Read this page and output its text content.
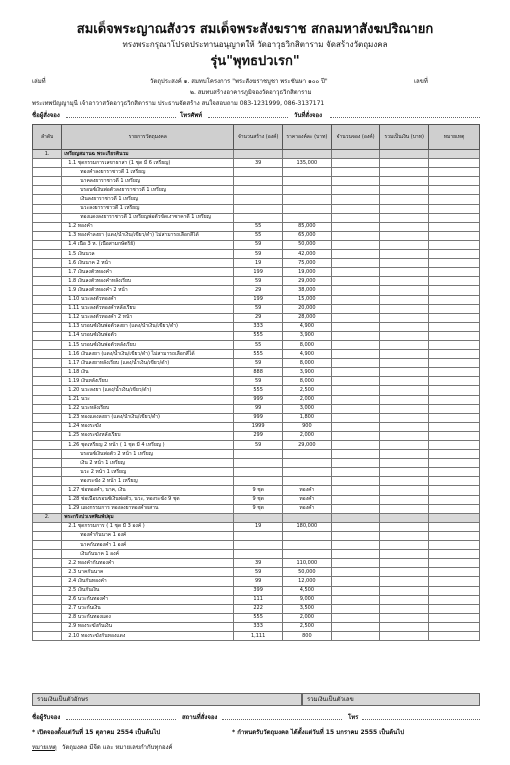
สมเด็จพระญาณสังวร สมเด็จพระสังฆราช สกลมหาสังฆปริณายก
ทรงพระกรุณาโปรดประทานอนุญาตให้ วัดอาวุธวิกสิตาราม จัดสร้างวัตถุมงคล
รุ่น"พุทธปวเรก"
เล่มที่	วัตถุประสงค์ ๑. สมทบโครงการ "พระสังฆราชบูชา พระชันษา ๑๐๐ ปี"	เลขที่
๒. สมทบสร้างอาคารภูมิจองวัดอาวุธวิกสิตาราม
พระเทพปัญญามุนี เจ้าอาวาสวัดอาวุธวิกสิตาราม ประธานจัดสร้าง สนใจสอบถาม 083-1231999, 086-3137171
ชื่อผู้สั่งจอง	โทรศัพท์	วันที่สั่งจอง
ลำดับ	รายการวัตถุมงคล	จำนวนสร้าง (องค์)	ราคาองค์ละ (บาท)	จำนวนจอง (องค์)	รวมเป็นเงิน (บาท)	หมายเหตุ
1.	เหรียญสมานฉ พระเกียรตินวม					
	1.1 ชุดกรรมการเลขาธาสา (1 ชุด มี 6 เหรียญ)	39	135,000			
	ทองคำลงยาราชาวดี 1 เหรียญ					
	นาคลงยาราชาวดี 1 เหรียญ					
	บรอนซ์เงินพ่อตัวลงยาราชาวดี 1 เหรียญ					
	เงินลงยาราชาวดี 1 เหรียญ					
	นวะลงยาราชาวดี 1 เหรียญ					
	ทองแดงลงยาราชาวดี 1 เหรียญพ่อตัวขัดเงาซาคาดี 1 เหรียญ					
	1.2 ทองคำ	55	85,000			
	1.3 ทองคำลงยา (แดง/น้ำเงิน/เขียว/ดำ) ไม่สามารถเลือกสีได้	55	65,000			
	1.4 เนื้อ 3 ห. (เนื้อสามกษัตริย์)	59	50,000			
	1.5 เงินนวล	59	42,000			
	1.6 เงินนาค 2 หน้า	19	75,000			
	1.7 เงินลงตัวทองคำ	199	19,000			
	1.8 เงินลงตัวทองคำหลังเรียบ	59	29,000			
	1.9 เงินลงตัวทองคำ 2 หน้า	29	38,000			
	1.10 นวะลงตัวทองคำ	199	15,000			
	1.11 นวะลงตัวทองคำหลังเรียบ	59	20,000			
	1.12 นวะลงตัวทองคำ 2 หน้า	29	28,000			
	1.13 บรอนซ์เงินพ่อตัวลงยา (แดง/น้ำเงิน/เขียว/ดำ)	333	4,900			
	1.14 บรอนซ์เงินพ่อตัว	555	3,900			
	1.15 บรอนซ์เงินพ่อตัวหลังเรียบ	55	8,000			
	1.16 เงินลงยา (แดง/น้ำเงิน/เขียว/ดำ) ไม่สามารถเลือกสีได้	555	4,900			
	1.17 เงินลงยาหลังเรียบ (แดง/น้ำเงิน/เขียว/ดำ)	59	8,000			
	1.18 เงิน	888	3,900			
	1.19 เงินหลังเรียบ	59	8,000			
	1.20 นวะลงยา (แดง/น้ำเงิน/เขียว/ดำ)	555	2,500			
	1.21 นวะ	999	2,000			
	1.22 นวะหลังเรียบ	99	3,000			
	1.23 ทองแดงลงยา (แดง/น้ำเงิน/เขียว/ดำ)	999	1,800			
	1.24 ทองระฆัง	1999	900			
	1.25 ทองระฆังหลังเรียบ	299	2,000			
	1.26 ชุดเหรียญ 2 หน้า ( 1 ชุด มี 4 เหรียญ )	59	29,000			
	บรอนซ์เงินพ่อตัว 2 หน้า 1 เหรียญ					
	เงิน 2 หน้า 1 เหรียญ					
	นวะ 2 หน้า 1 เหรียญ					
	ทองระฆัง 2 หน้า 1 เหรียญ					
	1.27 ช่อทองคำ, นาค, เงิน	9 ชุด	ทองคำ			
	1.28 ช่อเนื้อบรอนซ์เงินพ่อตัว, นวะ, ทองระฆัง 9 ชุด	9 ชุด	ทองคำ			
	1.29 แผงกรรมการ ทองลงยาทองคำผสาน	9 ชุด	ทองคำ			
2.	พระกริ่งปวเรศพิมพ์ปฐุม					
	2.1 ชุดกรรมการ ( 1 ชุด มี 3 องค์ )	19	180,000			
	ทองคำกันนาค 1 องค์					
	นาคกันทองคำ 1 องค์					
	เงินกันนาค 1 องค์					
	2.2 ทองคำกันทองคำ	39	110,000			
	2.3 นาคกันนาค	59	50,000			
	2.4 เงินกันทองคำ	99	12,000			
	2.5 เงินกันเงิน	399	4,500			
	2.6 นวะกันทองคำ	111	9,000			
	2.7 นวะกันเงิน	222	3,500			
	2.8 นวะกันทองแดง	555	2,000			
	2.9 ทองระฆังกันเงิน	333	2,500			
	2.10 ทองระฆังกันทองแดง	1,111	800			
รวมเงินเป็นตัวอักษร	รวมเงินเป็นตัวเลข
ชื่อผู้รับจอง	สถานที่สั่งจอง	โทร
* เปิดจองตั้งแต่วันที่ 15 ตุลาคม 2554 เป็นต้นไป	* กำหนดรับวัตถุมงคล ได้ตั้งแต่วันที่ 15 มกราคม 2555 เป็นต้นไป
หมายเหตุ วัตถุมงคล มีจีด และ หมายเลขกำกับทุกองค์
